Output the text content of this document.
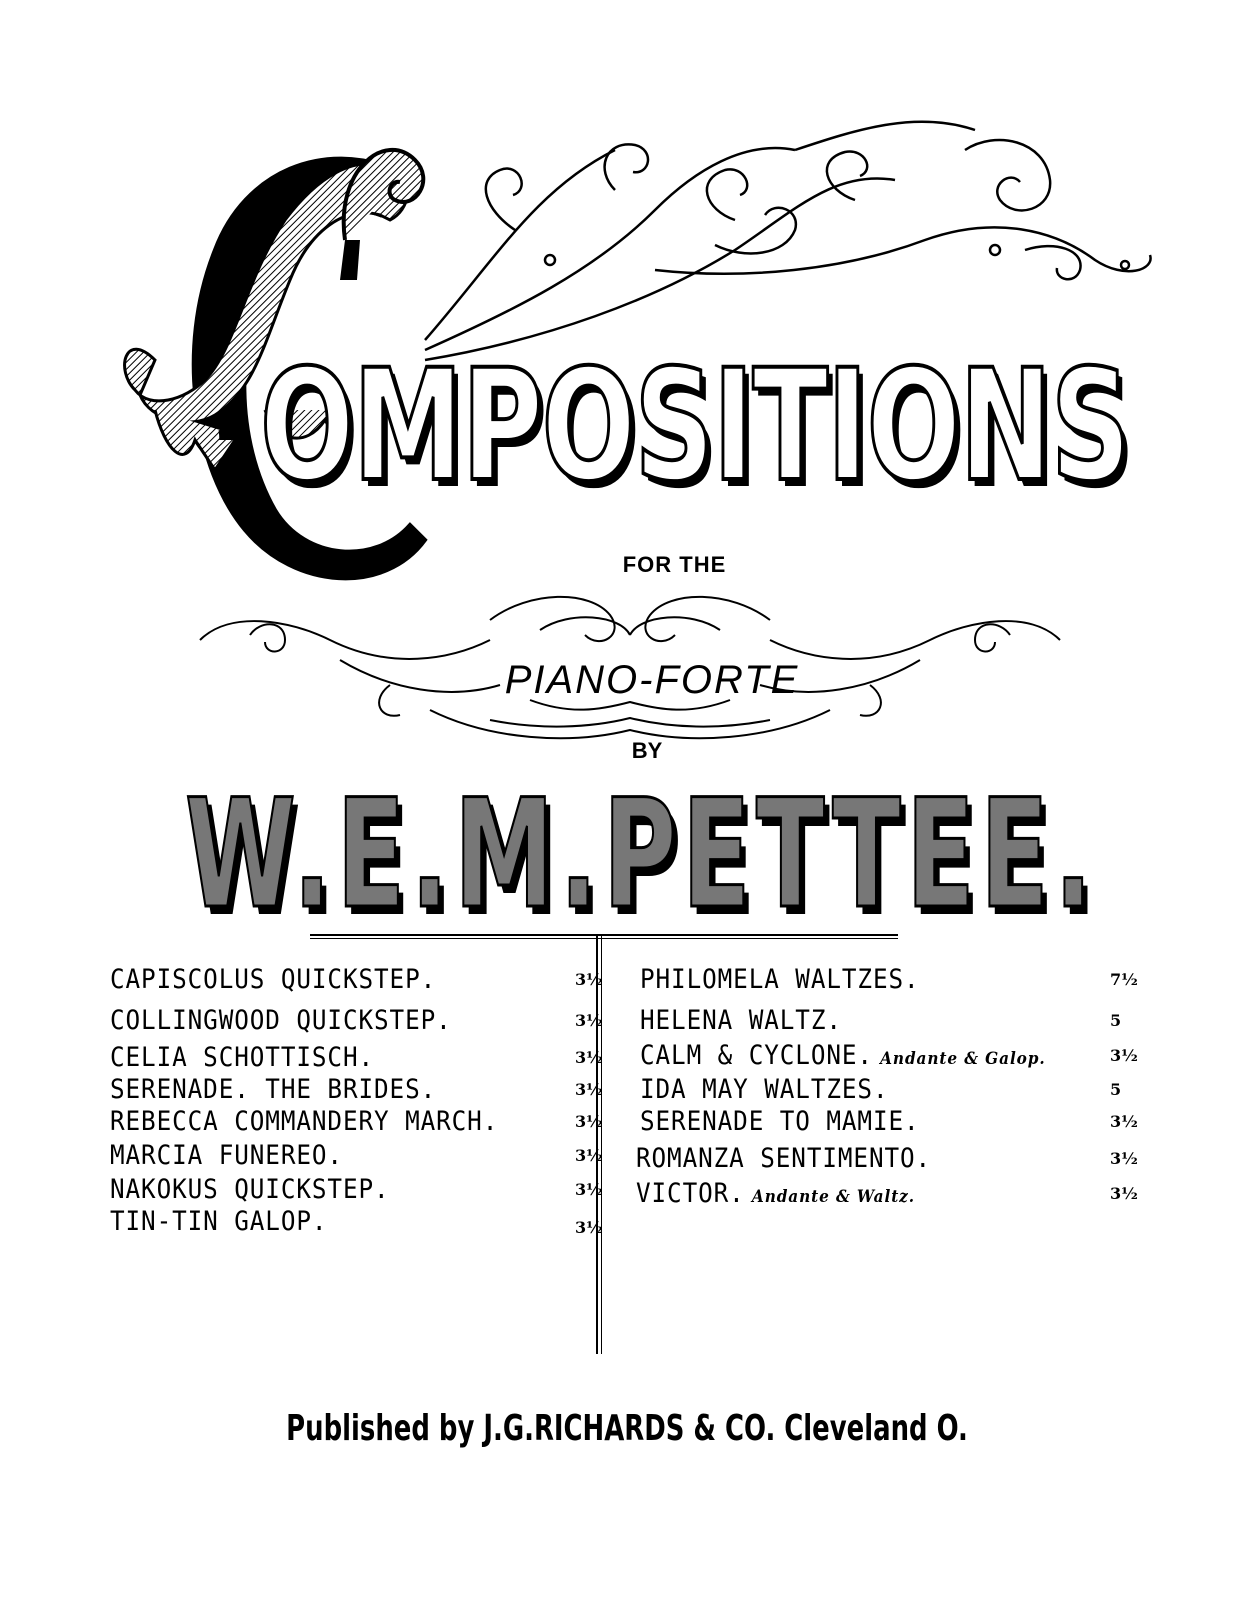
OMPOSITIONS
FOR THE
PIANO-FORTE
BY
W.E.M.PETTEE.
CAPISCOLUS QUICKSTEP.	3½
COLLINGWOOD QUICKSTEP.	3½
CELIA SCHOTTISCH.	3½
SERENADE. THE BRIDES.	3½
REBECCA COMMANDERY MARCH.	3½
MARCIA FUNEREO.	3½
NAKOKUS QUICKSTEP.	3½
TIN-TIN GALOP.	3½
PHILOMELA WALTZES.	7½
HELENA WALTZ.	5
CALM & CYCLONE. Andante & Galop.	3½
IDA MAY WALTZES.	5
SERENADE TO MAMIE.	3½
ROMANZA SENTIMENTO.	3½
VICTOR. Andante & Waltz.	3½
Published by J.G.RICHARDS & CO. Cleveland O.
